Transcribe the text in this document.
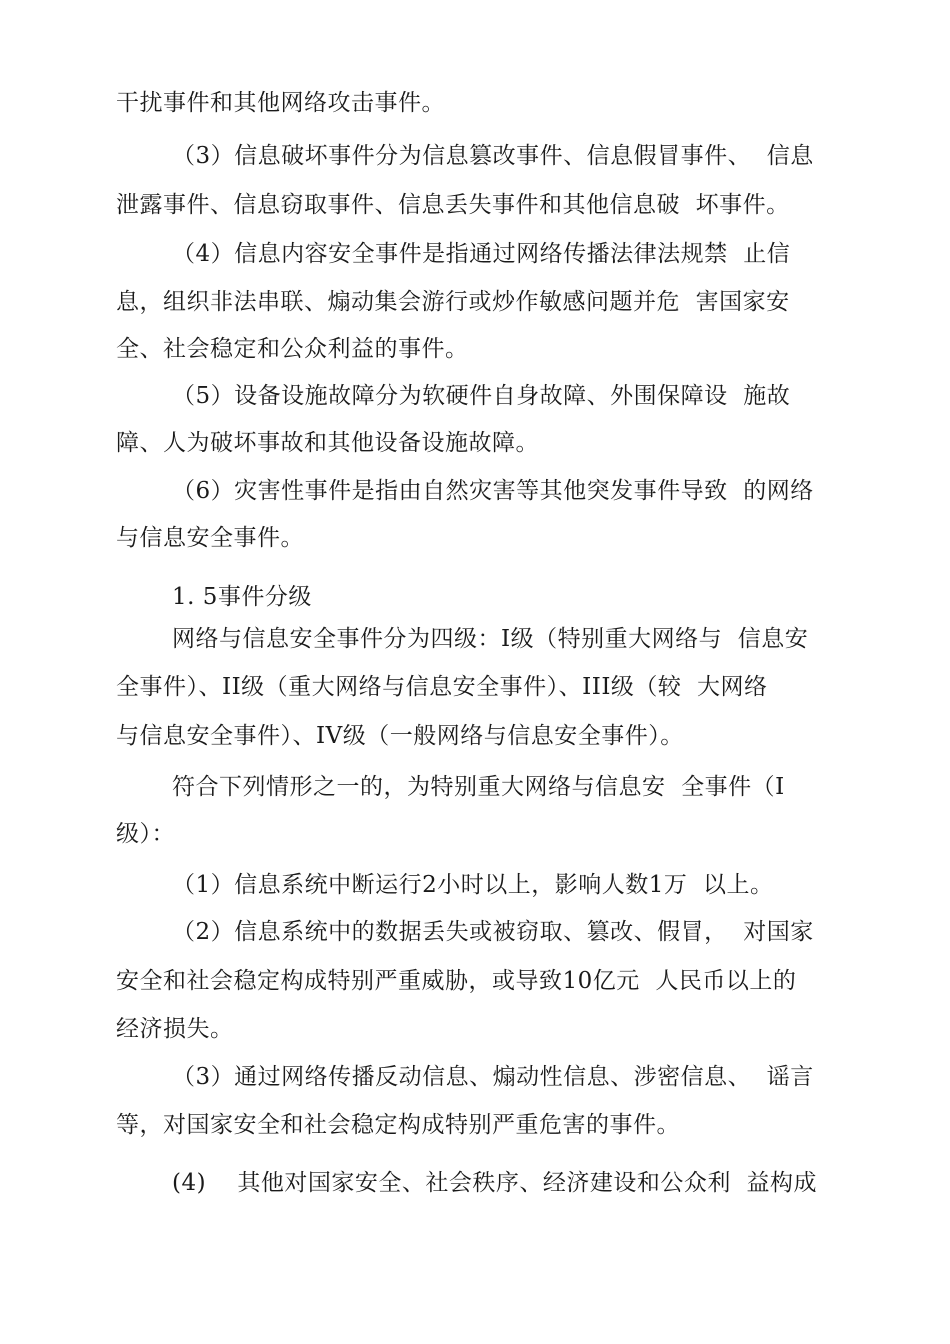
干扰事件和其他网络攻击事件。
（3）信息破坏事件分为信息篡改事件、信息假冒事件、  信息
泄露事件、信息窃取事件、信息丢失事件和其他信息破  坏事件。
（4）信息内容安全事件是指通过网络传播法律法规禁  止信
息，组织非法串联、煽动集会游行或炒作敏感问题并危  害国家安
全、社会稳定和公众利益的事件。
（5）设备设施故障分为软硬件自身故障、外围保障设  施故
障、人为破坏事故和其他设备设施故障。
（6）灾害性事件是指由自然灾害等其他突发事件导致  的网络
与信息安全事件。
1. 5事件分级
网络与信息安全事件分为四级：I级（特别重大网络与  信息安
全事件）、II级（重大网络与信息安全事件）、III级（较  大网络
与信息安全事件）、IV级（一般网络与信息安全事件）。
符合下列情形之一的，为特别重大网络与信息安  全事件（I
级）：
（1）信息系统中断运行2小时以上，影响人数1万  以上。
（2）信息系统中的数据丢失或被窃取、篡改、假冒，  对国家
安全和社会稳定构成特别严重威胁，或导致10亿元  人民币以上的
经济损失。
（3）通过网络传播反动信息、煽动性信息、涉密信息、  谣言
等，对国家安全和社会稳定构成特别严重危害的事件。
(4)    其他对国家安全、社会秩序、经济建设和公众利  益构成
